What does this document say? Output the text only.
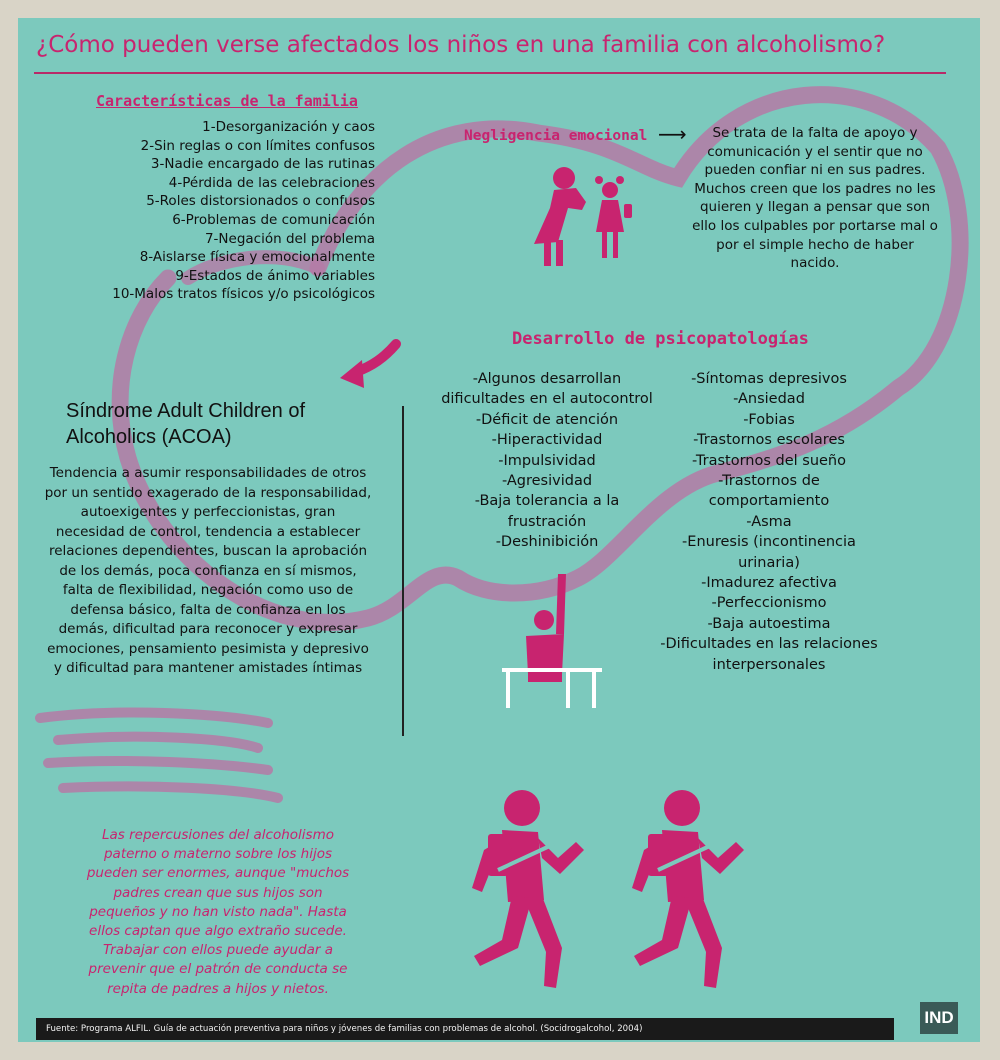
¿Cómo pueden verse afectados los niños en una familia con alcoholismo?
Características de la familia
1-Desorganización y caos
2-Sin reglas o con límites confusos
3-Nadie encargado de las rutinas
4-Pérdida de las celebraciones
5-Roles distorsionados o confusos
6-Problemas de comunicación
7-Negación del problema
8-Aislarse física y emocionalmente
9-Estados de ánimo variables
10-Malos tratos físicos y/o psicológicos
Negligencia emocional ⟶	Se trata de la falta de apoyo y
comunicación y el sentir que no
pueden confiar ni en sus padres.
Muchos creen que los padres no les
quieren y llegan a pensar que son
ello los culpables por portarse mal o
por el simple hecho de haber nacido.
Desarrollo de psicopatologías
-Algunos desarrollan
dificultades en el autocontrol
-Déficit de atención
-Hiperactividad
-Impulsividad
-Agresividad
-Baja tolerancia a la
frustración
-Deshinibición
-Síntomas depresivos
-Ansiedad
-Fobias
-Trastornos escolares
-Trastornos del sueño
-Trastornos de
comportamiento
-Asma
-Enuresis (incontinencia
urinaria)
-Imadurez afectiva
-Perfeccionismo
-Baja autoestima
-Dificultades en las relaciones
interpersonales
Síndrome Adult Children of
Alcoholics (ACOA)
Tendencia a asumir responsabilidades de otros
por un sentido exagerado de la responsabilidad,
autoexigentes y perfeccionistas, gran
necesidad de control, tendencia a establecer
relaciones dependientes, buscan la aprobación
de los demás, poca confianza en sí mismos,
falta de flexibilidad, negación como uso de
defensa básico, falta de confianza en los
demás, dificultad para reconocer y expresar
emociones, pensamiento pesimista y depresivo
y dificultad para mantener amistades íntimas
Las repercusiones del alcoholismo
paterno o materno sobre los hijos
pueden ser enormes, aunque "muchos
padres crean que sus hijos son
pequeños y no han visto nada". Hasta
ellos captan que algo extraño sucede.
Trabajar con ellos puede ayudar a
prevenir que el patrón de conducta se
repita de padres a hijos y nietos.
Fuente: Programa ALFIL. Guía de actuación preventiva para niños y jóvenes de familias con problemas de alcohol. (Socidrogalcohol, 2004)
IND
